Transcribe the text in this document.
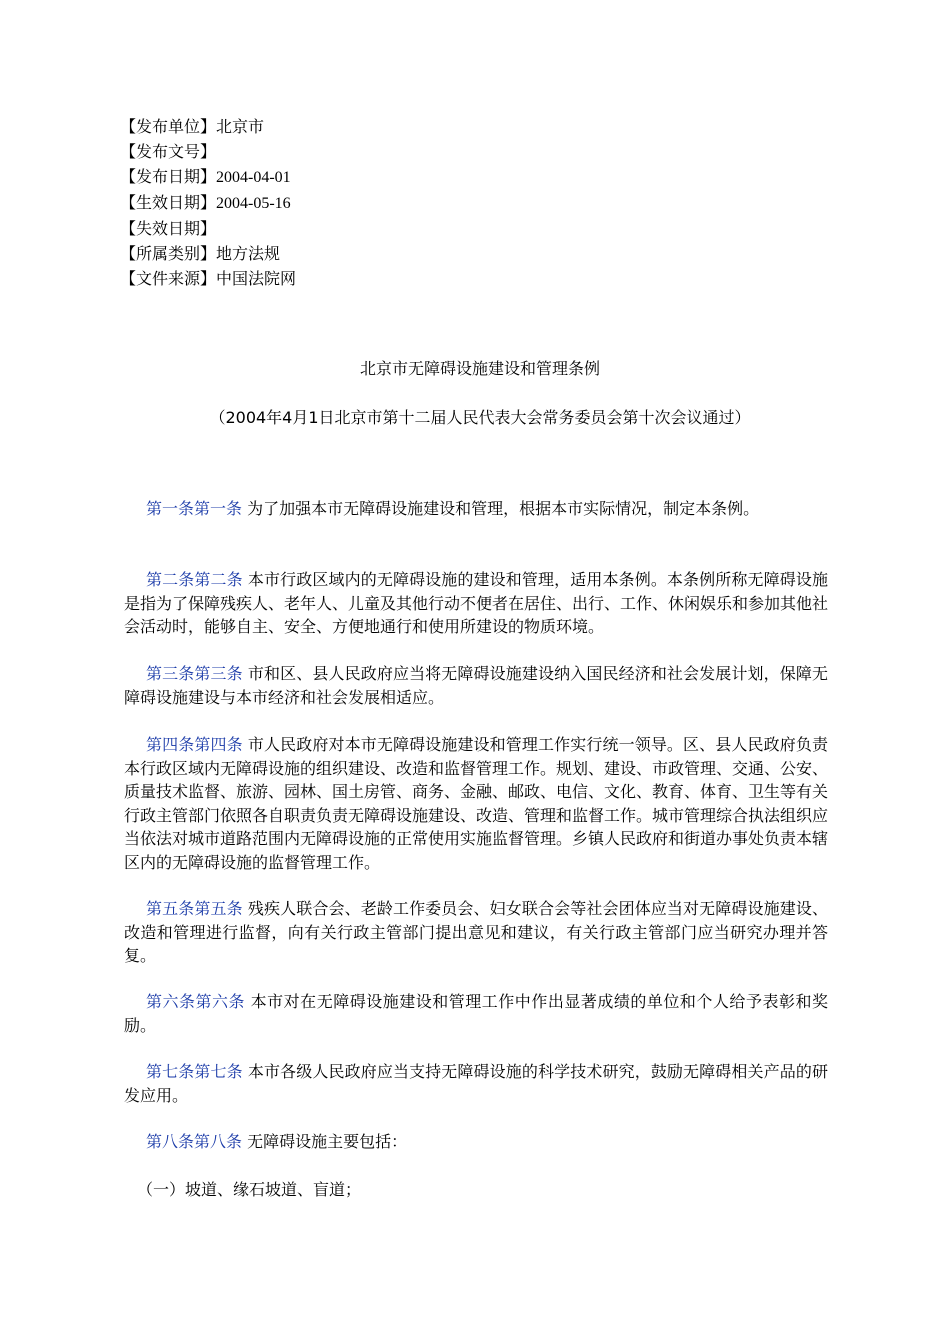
【发布单位】北京市
【发布文号】
【发布日期】2004-04-01
【生效日期】2004-05-16
【失效日期】
【所属类别】地方法规
【文件来源】中国法院网
北京市无障碍设施建设和管理条例
（2004年4月1日北京市第十二届人民代表大会常务委员会第十次会议通过）
第一条第一条 为了加强本市无障碍设施建设和管理，根据本市实际情况，制定本条例。
第二条第二条 本市行政区域内的无障碍设施的建设和管理，适用本条例。本条例所称无障碍设施是指为了保障残疾人、老年人、儿童及其他行动不便者在居住、出行、工作、休闲娱乐和参加其他社会活动时，能够自主、安全、方便地通行和使用所建设的物质环境。
第三条第三条 市和区、县人民政府应当将无障碍设施建设纳入国民经济和社会发展计划，保障无障碍设施建设与本市经济和社会发展相适应。
第四条第四条 市人民政府对本市无障碍设施建设和管理工作实行统一领导。区、县人民政府负责本行政区域内无障碍设施的组织建设、改造和监督管理工作。规划、建设、市政管理、交通、公安、质量技术监督、旅游、园林、国土房管、商务、金融、邮政、电信、文化、教育、体育、卫生等有关行政主管部门依照各自职责负责无障碍设施建设、改造、管理和监督工作。城市管理综合执法组织应当依法对城市道路范围内无障碍设施的正常使用实施监督管理。乡镇人民政府和街道办事处负责本辖区内的无障碍设施的监督管理工作。
第五条第五条 残疾人联合会、老龄工作委员会、妇女联合会等社会团体应当对无障碍设施建设、改造和管理进行监督，向有关行政主管部门提出意见和建议，有关行政主管部门应当研究办理并答复。
第六条第六条 本市对在无障碍设施建设和管理工作中作出显著成绩的单位和个人给予表彰和奖励。
第七条第七条 本市各级人民政府应当支持无障碍设施的科学技术研究，鼓励无障碍相关产品的研发应用。
第八条第八条 无障碍设施主要包括：
（一）坡道、缘石坡道、盲道；
